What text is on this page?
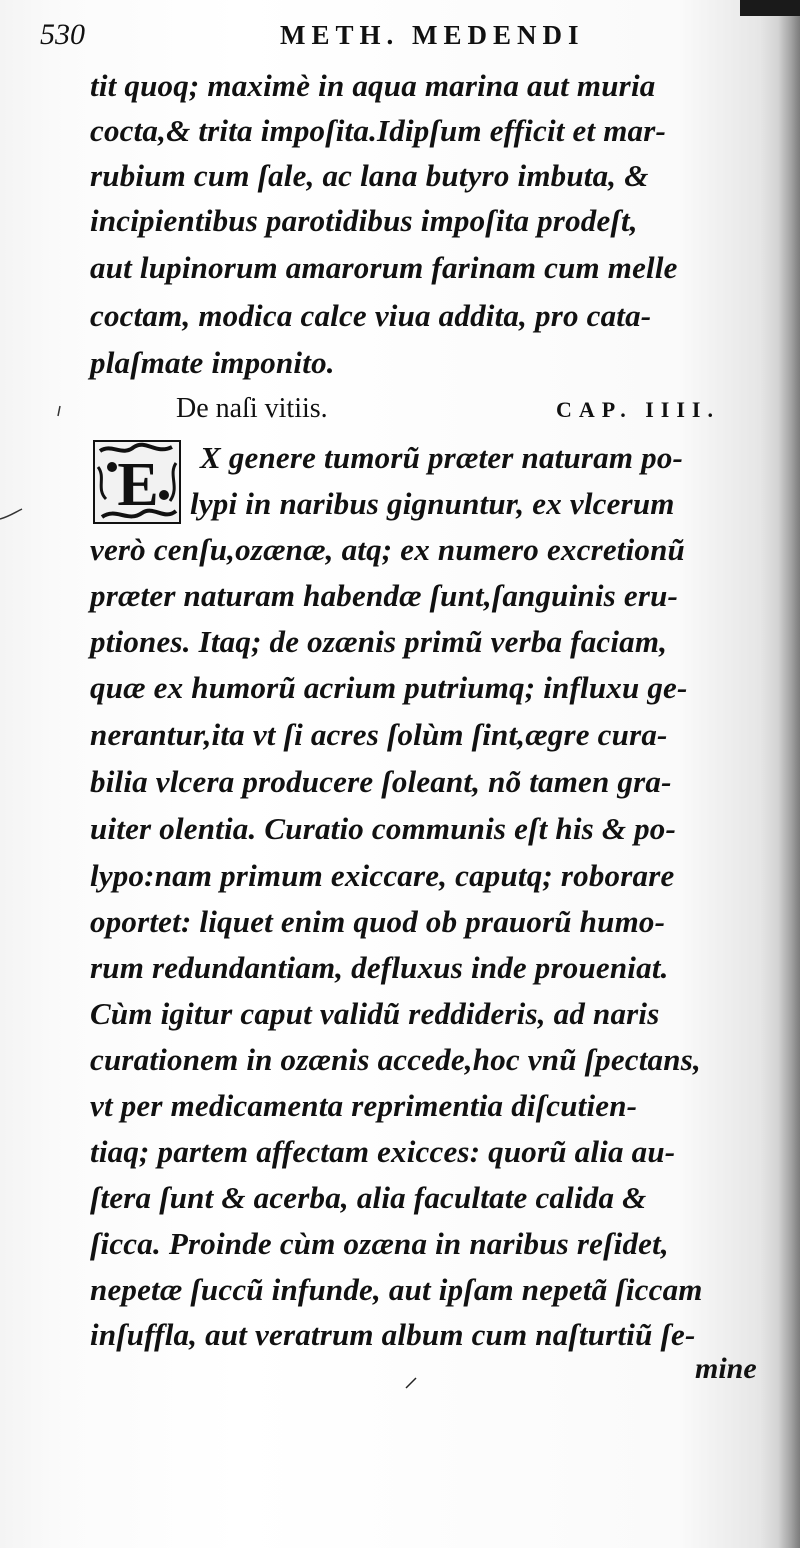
530	METH. MEDENDI
tit quoq; maximè in aqua marina aut muria
cocta,& trita impoſita.Idipſum efficit et mar-
rubium cum ſale, ac lana butyro imbuta, &
incipientibus parotidibus impoſita prodeſt,
aut lupinorum amarorum farinam cum melle
coctam, modica calce viua addita, pro cata-
plaſmate imponito.
De naſi vitiis.	CAP. IIII.
E X genere tumorũ præter naturam po-
lypi in naribus gignuntur, ex vlcerum
verò cenſu,ozænæ, atq; ex numero excretionũ
præter naturam habendæ ſunt,ſanguinis eru-
ptiones. Itaq; de ozænis primũ verba faciam,
quæ ex humorũ acrium putriumq; influxu ge-
nerantur,ita vt ſi acres ſolùm ſint,ægre cura-
bilia vlcera producere ſoleant, nõ tamen gra-
uiter olentia. Curatio communis eſt his & po-
lypo:nam primum exiccare, caputq; roborare
oportet: liquet enim quod ob prauorũ humo-
rum redundantiam, defluxus inde proueniat.
Cùm igitur caput validũ reddideris, ad naris
curationem in ozænis accede,hoc vnũ ſpectans,
vt per medicamenta reprimentia diſcutien-
tiaq; partem affectam exicces: quorũ alia au-
ſtera ſunt & acerba, alia facultate calida &
ſicca. Proinde cùm ozæna in naribus reſidet,
nepetæ ſuccũ infunde, aut ipſam nepetã ſiccam
inſuffla, aut veratrum album cum naſturtiũ ſe-
mine
